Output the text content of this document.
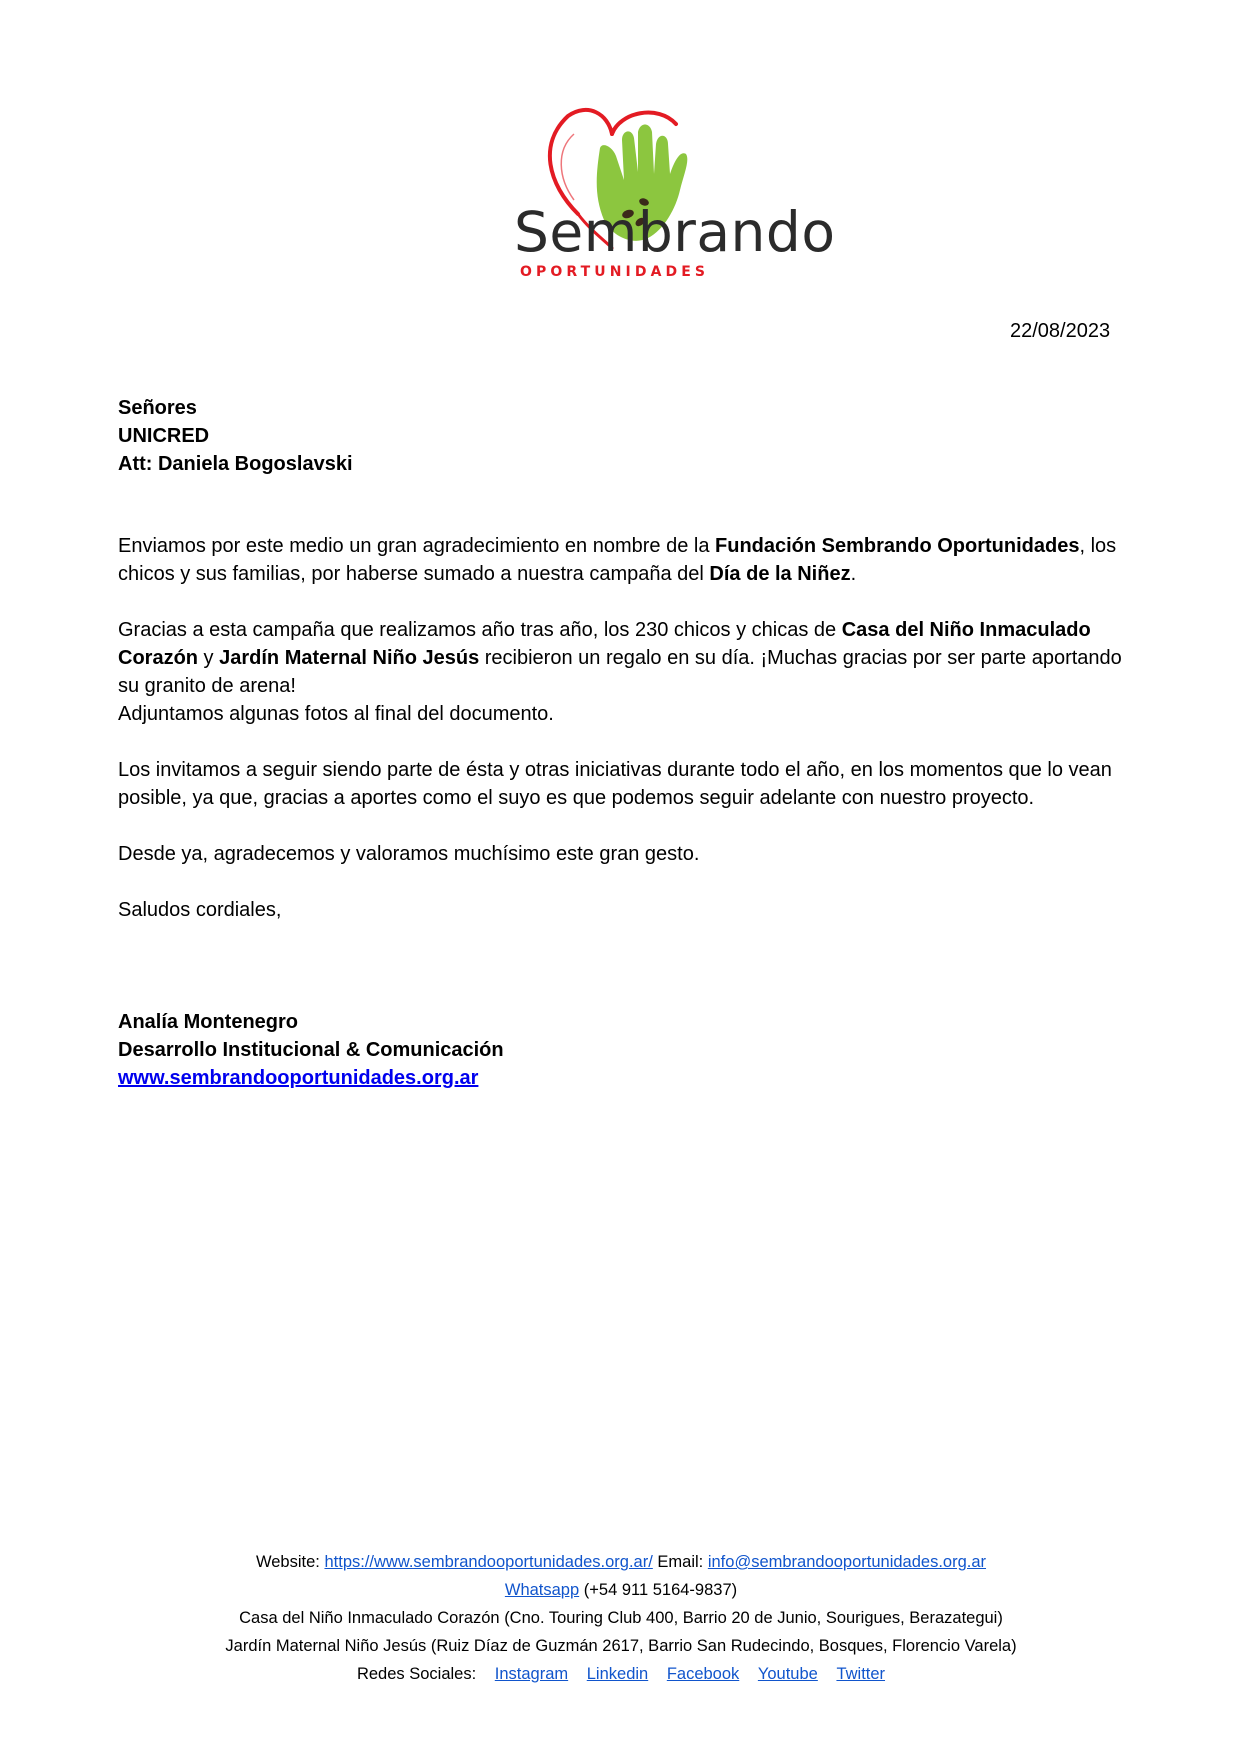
Sembrando
OPORTUNIDADES
22/08/2023
Señores
UNICRED
Att: Daniela Bogoslavski

Enviamos por este medio un gran agradecimiento en nombre de la Fundación Sembrando Oportunidades, los chicos y sus familias, por haberse sumado a nuestra campaña del Día de la Niñez.

Gracias a esta campaña que realizamos año tras año, los 230 chicos y chicas de Casa del Niño Inmaculado Corazón y Jardín Maternal Niño Jesús recibieron un regalo en su día. ¡Muchas gracias por ser parte aportando su granito de arena!

Adjuntamos algunas fotos al final del documento.

Los invitamos a seguir siendo parte de ésta y otras iniciativas durante todo el año, en los momentos que lo vean posible, ya que, gracias a aportes como el suyo es que podemos seguir adelante con nuestro proyecto.

Desde ya, agradecemos y valoramos muchísimo este gran gesto.

Saludos cordiales,

Analía Montenegro
Desarrollo Institucional & Comunicación
www.sembrandooportunidades.org.ar
Website: https://www.sembrandooportunidades.org.ar/ Email: info@sembrandooportunidades.org.ar
Whatsapp (+54 911 5164-9837)
Casa del Niño Inmaculado Corazón (Cno. Touring Club 400, Barrio 20 de Junio, Sourigues, Berazategui)
Jardín Maternal Niño Jesús (Ruiz Díaz de Guzmán 2617, Barrio San Rudecindo, Bosques, Florencio Varela)
Redes Sociales: Instagram Linkedin Facebook Youtube Twitter
